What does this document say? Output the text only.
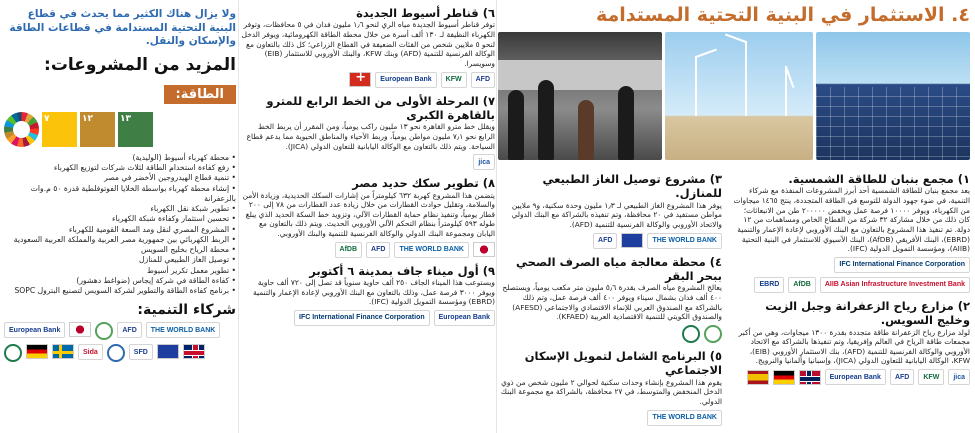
٤. الاستثمار في البنية التحتية المستدامة
١) مجمع بنبان للطاقة الشمسية.
يعد مجمع بنبان للطاقة الشمسية أحد أبرز المشروعات المنفذة مع شركاء التنمية، في ضوء جهود الدولة للتوسع في الطاقة المتجددة، ينتج ١٤٦٥ ميجاوات من الكهرباء، ويوفر ١٠٠٠٠ فرصة عمل ويخفض ٢٠٠٠٠٠ طن من الانبعاثات؛ كان ذلك من خلال مشاركة ٣٢ شركة من القطاع الخاص ومساهمات من ١٢ دولة. تم تنفيذ هذا المشروع بالتعاون مع البنك الأوروبي لإعادة الإعمار والتنمية (EBRD)، البنك الأفريقي (AfDB)، البنك الآسيوي للاستثمار في البنية التحتية (AIIB)، ومؤسسة التمويل الدولية (IFC).
IFC International Finance Corporation
AIIB Asian Infrastructure Investment Bank
AfDB
EBRD
٢) مزارع رياح الزعفرانة وجبل الزيت وخليج السويس.
لولد مزارع رياح الزعفرانة طاقة متجددة بقدرة ١٣٠٠ ميجاوات، وهي من أكبر مجمعات طاقة الرياح في العالم وإفريقيا، وتم تنفيذها بالشراكة مع الاتحاد الأوروبي والوكالة الفرنسية للتنمية (AFD)، بنك الاستثمار الأوروبي (EIB)، KFW، الوكالة اليابانية للتعاون الدولي (JICA)، وإسبانيا وألمانيا والنرويج.
jica
KFW
AFD
European Bank
٣) مشروع توصيل الغاز الطبيعي للمنازل.
يوفر هذا المشروع الغاز الطبيعي لـ ١٫٣ مليون وحدة سكنية، و٩ ملايين مواطن مستفيد في ٢٠ محافظة، وتم تنفيذه بالشراكة مع البنك الدولي والاتحاد الأوروبي والوكالة الفرنسية للتنمية (AFD).
THE WORLD BANK
AFD
٤) محطة معالجة مياه الصرف الصحي ببحر البقر
يعالج المشروع مياه الصرف بقدرة ٥٫٦ مليون متر مكعب يومياً، ويستصلح ٤٠٠ ألف فدان بشمال سيناء ويوفر ٤٠٠ ألف فرصة عمل، وتم ذلك بالشراكة مع الصندوق العربي للإنماء الاقتصادي والاجتماعي (AFESD) والصندوق الكويتي للتنمية الاقتصادية العربية (KFAED).
٥) البرنامج الشامل لتمويل الإسكان الاجتماعي
يقوم هذا المشروع بإنشاء وحدات سكنية لحوالي ٢ مليون شخص من ذوي الدخل المنخفض والمتوسط، في ٢٧ محافظة، بالشراكة مع مجموعة البنك الدولي.
THE WORLD BANK
٦) قناطر أسيوط الجديدة
توفر قناطر أسيوط الجديدة مياه الري لنحو ١٫٦ مليون فدان في ٥ محافظات، وتوفر الكهرباء النظيفة لـ ١٣٠ ألف أسرة من خلال محطة الطاقة الكهرومائية، ويوفر الدخل لنحو ٥ ملايين شخص من الفئات الضعيفة في القطاع الزراعي؛ كل ذلك بالتعاون مع الوكالة الفرنسية للتنمية (AFD) وبنك KFW، والبنك الأوروبي للاستثمار (EIB) وسويسرا.
AFD
KFW
European Bank
+
٧) المرحلة الأولى من الخط الرابع للمترو بالقاهرة الكبرى
ويقلل خط مترو القاهرة نحو ١٣ مليون راكب يومياً، ومن المقرر أن يربط الخط الرابع نحو ٧٫١ مليون مواطن يومياً، وربط الأحياء والمناطق الحيوية مما يدعم قطاع السياحة. ويتم ذلك بالتعاون مع الوكالة اليابانية للتعاون الدولي (JICA).
jica
٨) تطوير سكك حديد مصر
يتضمن هذا المشروع كهربة ٦٣٢ كيلومتراً من إشارات السكك الحديدية، وزيادة الأمن والسلامة، وتقليل حوادث القطارات من خلال زيادة عدد القطارات من ٧٨ إلى ٢٠٠ قطار يومياً، وتنفيذ نظام حماية القطارات الآلي، وتزويد خط السكة الحديد الذي يبلغ طوله ٥٩٣ كيلومتراً بنظام التحكم الآلي الأوروبي الحديث. ويتم ذلك بالتعاون مع اليابان ومجموعة البنك الدولي والوكالة الفرنسية للتنمية والبنك الأوروبي.
THE WORLD BANK
AFD
AfDB
٩) أول ميناء جاف بمدينة ٦ أكتوبر
ويستوعب هذا الميناء الجاف ٢٥٠ ألف حاوية سنوياً قد تصل إلى ٧٢٠ ألف حاوية ويوفر ٣٠٠٠ فرصة عمل، وذلك بالتعاون مع البنك الأوروبي لإعادة الإعمار والتنمية (EBRD) ومؤسسة التمويل الدولية (IFC).
European Bank
IFC International Finance Corporation
ولا يزال هناك الكثير مما يحدث في قطاع البنية التحتية المستدامة في قطاعات الطاقة والإسكان والنقل.
المزيد من المشروعات:
الطاقة:
١٣
١٢
٧
• محطة كهرباء أسيوط (الوليدية)
• رفع كفاءة استخدام الطاقة لثلاث شركات لتوزيع الكهرباء
• تنمية قطاع الهيدروجين الأخضر في مصر
• إنشاء محطة كهرباء بواسطة الخلايا الفوتوفلطية قدرة ٥٠ م.وات بالزعفرانة
• تطوير شبكة نقل الكهرباء
• تحسين استثمار وكفاءة شبكة الكهرباء
• المشروع المصري لنقل ومد السعة القومية للكهرباء
• الربط الكهربائي بين جمهورية مصر العربية والمملكة العربية السعودية
• محطة الرياح بخليج السويس
• توصيل الغاز الطبيعي للمنازل
• تطوير معمل تكرير أسيوط
• كفاءة الطاقة في شركة إيجاس (ضواغط دهشور)
• برنامج كفاءة الطاقة والتطوير لشركة السويس لتصنيع البترول SOPC
شركاء التنمية:
THE WORLD BANK
AFD
European Bank
SFD
Sida
